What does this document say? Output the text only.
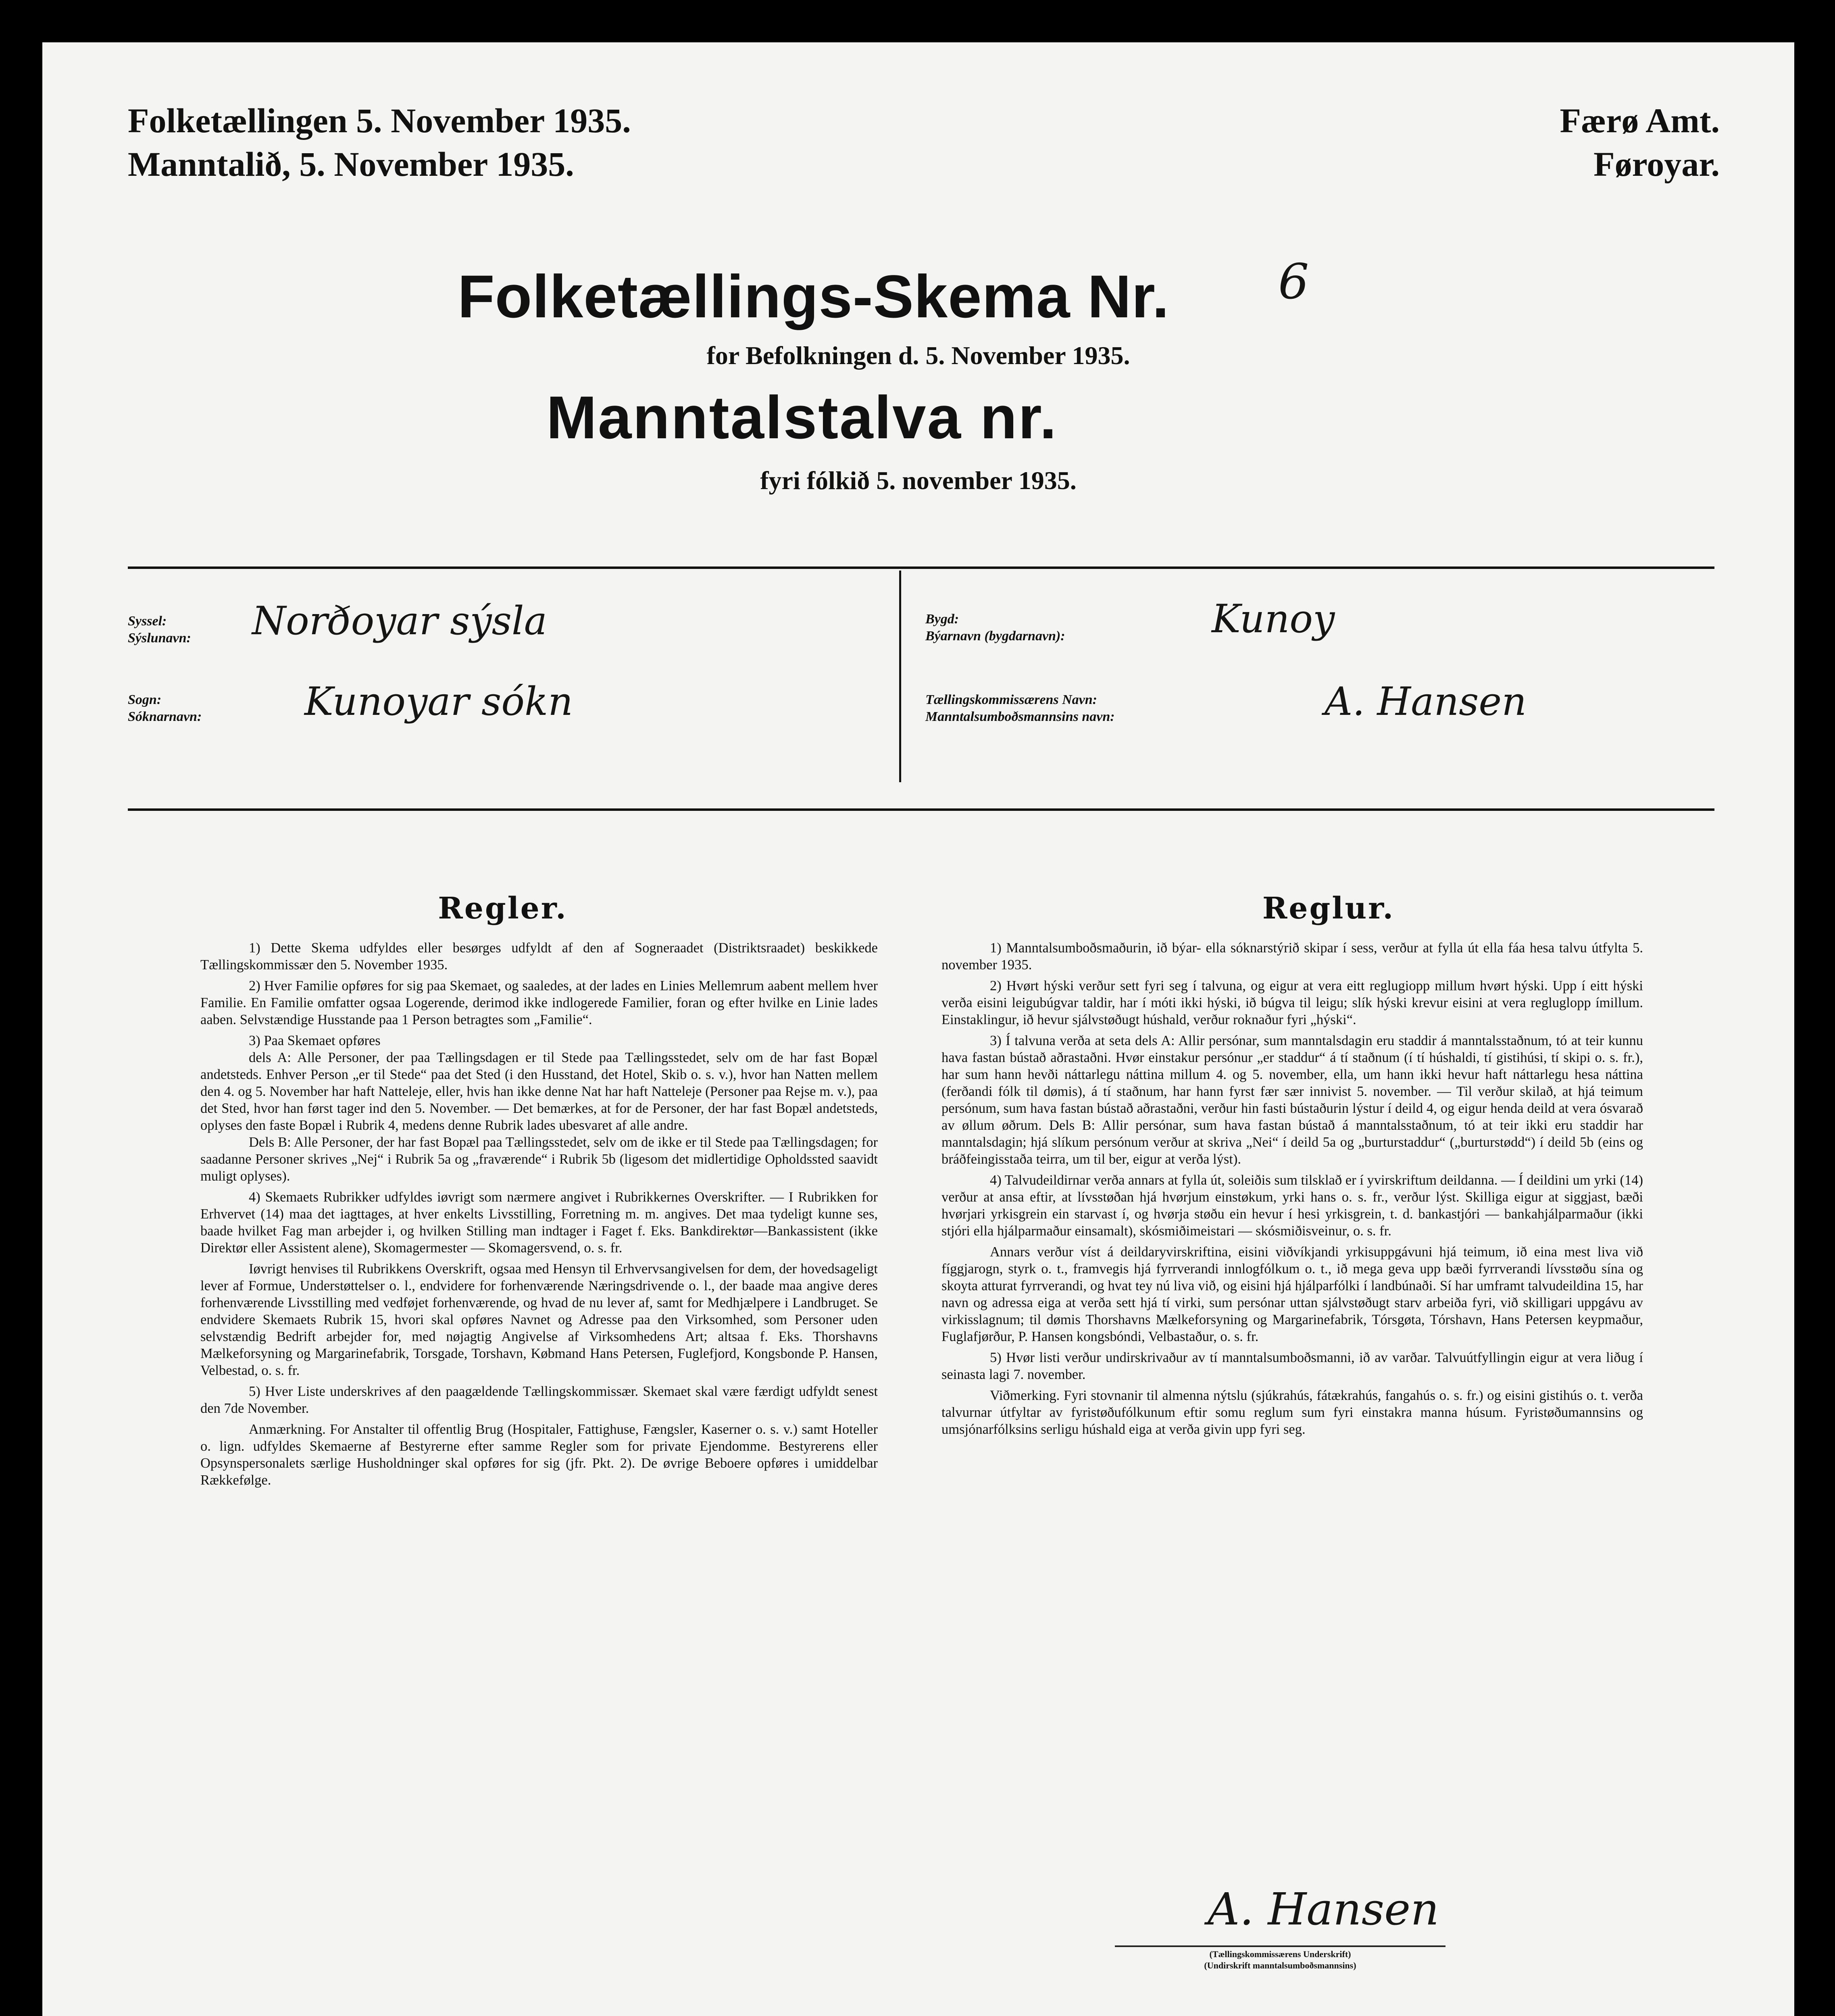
Folketællingen 5. November 1935.
Manntalið, 5. November 1935.
Færø Amt.
Føroyar.
Folketællings-Skema Nr. 6
for Befolkningen d. 5. November 1935.
Manntalstalva nr.
fyri fólkið 5. november 1935.
Syssel:
Sýslunavn: Norðoyar sýsla
Sogn:
Sóknarnavn:	Kunoyar sókn
Bygd:
Býarnavn (bygdarnavn):	Kunoy
Tællingskommissærens Navn:
Manntalsumboðsmannsins navn:	A. Hansen
Regler.	Reglur.

1) Dette Skema udfyldes eller besørges udfyldt af den af Sogneraadet (Distriktsraadet) beskikkede Tællingskommissær den 5. November 1935.

2) Hver Familie opføres for sig paa Skemaet, og saaledes, at der lades en Linies Mellemrum aabent mellem hver Familie. En Familie omfatter ogsaa Logerende, derimod ikke indlogerede Familier, foran og efter hvilke en Linie lades aaben. Selvstændige Husstande paa 1 Person betragtes som „Familie“.

3) Paa Skemaet opføres

dels A: Alle Personer, der paa Tællingsdagen er til Stede paa Tællingsstedet, selv om de har fast Bopæl andetsteds. Enhver Person „er til Stede“ paa det Sted (i den Husstand, det Hotel, Skib o. s. v.), hvor han Natten mellem den 4. og 5. November har haft Natteleje, eller, hvis han ikke denne Nat har haft Natteleje (Personer paa Rejse m. v.), paa det Sted, hvor han først tager ind den 5. November. — Det bemærkes, at for de Personer, der har fast Bopæl andetsteds, oplyses den faste Bopæl i Rubrik 4, medens denne Rubrik lades ubesvaret af alle andre.

Dels B: Alle Personer, der har fast Bopæl paa Tællingsstedet, selv om de ikke er til Stede paa Tællingsdagen; for saadanne Personer skrives „Nej“ i Rubrik 5a og „fraværende“ i Rubrik 5b (ligesom det midlertidige Opholdssted saavidt muligt oplyses).

4) Skemaets Rubrikker udfyldes iøvrigt som nærmere angivet i Rubrikkernes Overskrifter. — I Rubrikken for Erhvervet (14) maa det iagttages, at hver enkelts Livsstilling, Forretning m. m. angives. Det maa tydeligt kunne ses, baade hvilket Fag man arbejder i, og hvilken Stilling man indtager i Faget f. Eks. Bankdirektør—Bankassistent (ikke Direktør eller Assistent alene), Skomagermester — Skomagersvend, o. s. fr.

Iøvrigt henvises til Rubrikkens Overskrift, ogsaa med Hensyn til Erhvervsangivelsen for dem, der hovedsageligt lever af Formue, Understøttelser o. l., endvidere for forhenværende Næringsdrivende o. l., der baade maa angive deres forhenværende Livsstilling med vedføjet forhenværende, og hvad de nu lever af, samt for Medhjælpere i Landbruget. Se endvidere Skemaets Rubrik 15, hvori skal opføres Navnet og Adresse paa den Virksomhed, som Personer uden selvstændig Bedrift arbejder for, med nøjagtig Angivelse af Virksomhedens Art; altsaa f. Eks. Thorshavns Mælkeforsyning og Margarinefabrik, Torsgade, Torshavn, Købmand Hans Petersen, Fuglefjord, Kongsbonde P. Hansen, Velbestad, o. s. fr.

5) Hver Liste underskrives af den paagældende Tællingskommissær. Skemaet skal være færdigt udfyldt senest den 7de November.

Anmærkning. For Anstalter til offentlig Brug (Hospitaler, Fattighuse, Fængsler, Kaserner o. s. v.) samt Hoteller o. lign. udfyldes Skemaerne af Bestyrerne efter samme Regler som for private Ejendomme. Bestyrerens eller Opsynspersonalets særlige Husholdninger skal opføres for sig (jfr. Pkt. 2). De øvrige Beboere opføres i umiddelbar Rækkefølge.

1) Manntalsumboðsmaðurin, ið býar- ella sóknarstýrið skipar í sess, verður at fylla út ella fáa hesa talvu útfylta 5. november 1935.

2) Hvørt hýski verður sett fyri seg í talvuna, og eigur at vera eitt reglugiopp millum hvørt hýski. Upp í eitt hýski verða eisini leigubúgvar taldir, har í móti ikki hýski, ið búgva til leigu; slík hýski krevur eisini at vera regluglopp ímillum. Einstaklingur, ið hevur sjálvstøðugt húshald, verður roknaður fyri „hýski“.

3) Í talvuna verða at seta dels A: Allir persónar, sum manntalsdagin eru staddir á manntalsstaðnum, tó at teir kunnu hava fastan bústað aðrastaðni. Hvør einstakur persónur „er staddur“ á tí staðnum (í tí húshaldi, tí gistihúsi, tí skipi o. s. fr.), har sum hann hevði náttarlegu náttina millum 4. og 5. november, ella, um hann ikki hevur haft náttarlegu hesa náttina (ferðandi fólk til dømis), á tí staðnum, har hann fyrst fær sær innivist 5. november. — Til verður skilað, at hjá teimum persónum, sum hava fastan bústað aðrastaðni, verður hin fasti bústaðurin lýstur í deild 4, og eigur henda deild at vera ósvarað av øllum øðrum. Dels B: Allir persónar, sum hava fastan bústað á manntalsstaðnum, tó at teir ikki eru staddir har manntalsdagin; hjá slíkum persónum verður at skriva „Nei“ í deild 5a og „burturstaddur“ („burturstødd“) í deild 5b (eins og bráðfeingisstaða teirra, um til ber, eigur at verða lýst).

4) Talvudeildirnar verða annars at fylla út, soleiðis sum tilsklað er í yvirskriftum deildanna. — Í deildini um yrki (14) verður at ansa eftir, at lívsstøðan hjá hvørjum einstøkum, yrki hans o. s. fr., verður lýst. Skilliga eigur at siggjast, bæði hvørjari yrkisgrein ein starvast í, og hvørja støðu ein hevur í hesi yrkisgrein, t. d. bankastjóri — bankahjálparmaður (ikki stjóri ella hjálparmaður einsamalt), skósmiðimeistari — skósmiðisveinur, o. s. fr.

Annars verður víst á deildaryvirskriftina, eisini viðvíkjandi yrkisuppgávuni hjá teimum, ið eina mest liva við fíggjarogn, styrk o. t., framvegis hjá fyrrverandi innlogfólkum o. t., ið mega geva upp bæði fyrrverandi lívsstøðu sína og skoyta atturat fyrrverandi, og hvat tey nú liva við, og eisini hjá hjálparfólki í landbúnaði. Sí har umframt talvudeildina 15, har navn og adressa eiga at verða sett hjá tí virki, sum persónar uttan sjálvstøðugt starv arbeiða fyri, við skilligari uppgávu av virkisslagnum; til dømis Thorshavns Mælkeforsyning og Margarinefabrik, Tórsgøta, Tórshavn, Hans Petersen keypmaður, Fuglafjørður, P. Hansen kongsbóndi, Velbastaður, o. s. fr.

5) Hvør listi verður undirskrivaður av tí manntalsumboðsmanni, ið av varðar. Talvuútfyllingin eigur at vera liðug í seinasta lagi 7. november.

Viðmerking. Fyri stovnanir til almenna nýtslu (sjúkrahús, fátækrahús, fangahús o. s. fr.) og eisini gistihús o. t. verða talvurnar útfyltar av fyristøðufólkunum eftir somu reglum sum fyri einstakra manna húsum. Fyristøðumannsins og umsjónarfólksins serligu húshald eiga at verða givin upp fyri seg.

A. Hansen
(Tællingskommissærens Underskrift)
(Undirskrift manntalsumboðsmannsins)
